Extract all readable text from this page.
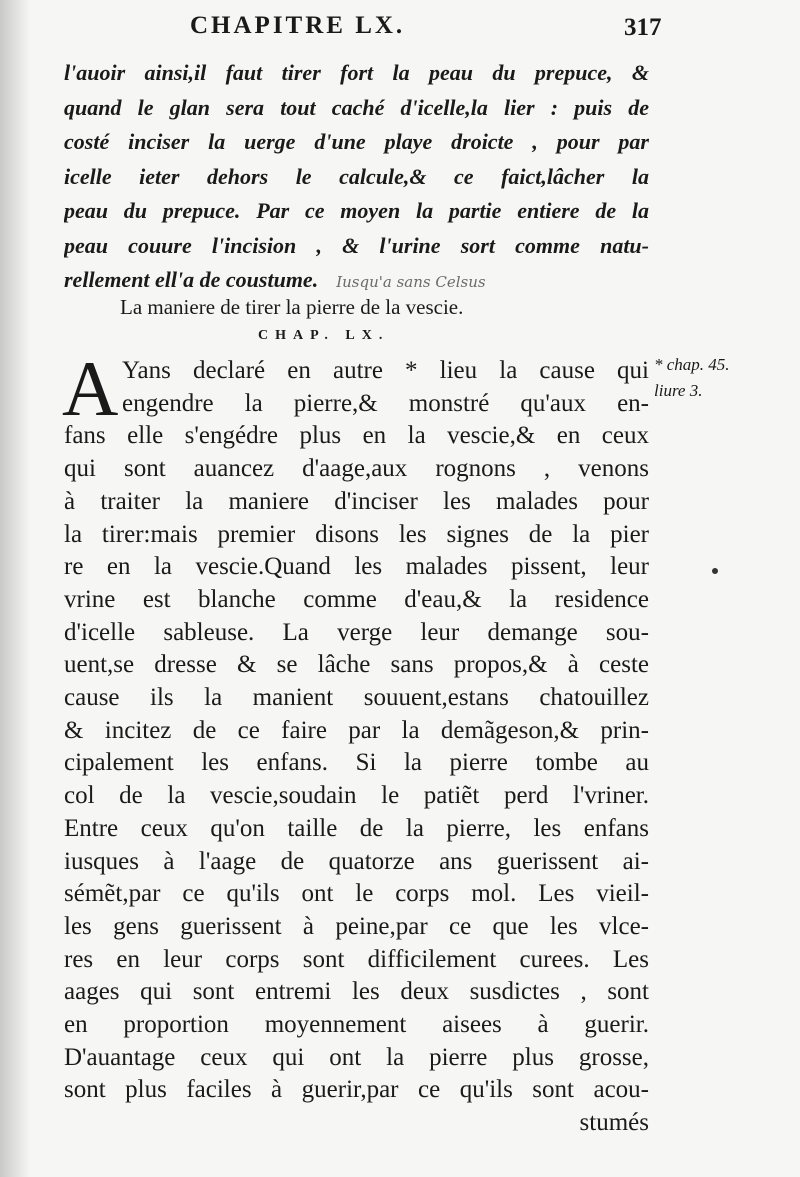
CHAPITRE LX.	317
l'auoir ainsi,il faut tirer fort la peau du prepuce, &
quand le glan sera tout caché d'icelle,la lier : puis de
costé inciser la uerge d'une playe droicte , pour par
icelle ieter dehors le calcule,& ce faict,lâcher la
peau du prepuce. Par ce moyen la partie entiere de la
peau couure l'incision , & l'urine sort comme natu-
rellement ell'a de coustume. Iusqu'a sans Celsus
La maniere de tirer la pierre de la vescie.
CHAP. LX.
A Yans declaré en autre * lieu la cause qui
engendre la pierre,& monstré qu'aux en-
fans elle s'engédre plus en la vescie,& en ceux
qui sont auancez d'aage,aux rognons , venons
à traiter la maniere d'inciser les malades pour
la tirer:mais premier disons les signes de la pier
re en la vescie.Quand les malades pissent, leur
vrine est blanche comme d'eau,& la residence
d'icelle sableuse. La verge leur demange sou-
uent,se dresse & se lâche sans propos,& à ceste
cause ils la manient souuent,estans chatouillez
& incitez de ce faire par la demãgeson,& prin-
cipalement les enfans. Si la pierre tombe au
col de la vescie,soudain le patiẽt perd l'vriner.
Entre ceux qu'on taille de la pierre, les enfans
iusques à l'aage de quatorze ans guerissent ai-
sémẽt,par ce qu'ils ont le corps mol. Les vieil-
les gens guerissent à peine,par ce que les vlce-
res en leur corps sont difficilement curees. Les
aages qui sont entremi les deux susdictes , sont
en proportion moyennement aisees à guerir.
D'auantage ceux qui ont la pierre plus grosse,
sont plus faciles à guerir,par ce qu'ils sont acou-
stumés
* chap. 45.
liure 3.
